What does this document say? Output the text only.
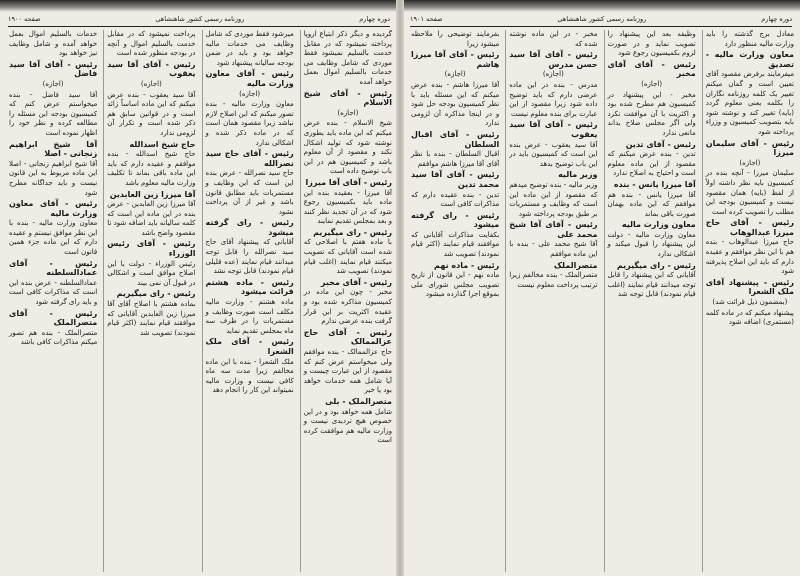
دوره چهارم
روزنامه رسمی کشور شاهنشاهی
صفحه ۱۹۰۰

گردیده و دیگر ذکر ابتیاع اروپا پرداخته نمیشود که در مقابل خدمت بالسلیم نمیشود فقط موردی که شامل وظایف می خدمات بالسلیم اموال بعمل خواهد آمده

رئیس - آقای شیخ الاسلام

(اجازه)

شیخ الاسلام - بنده عرض میکنم که این ماده باید بطوری نوشته شود که تولید اشکال نکند و مقصود از آن معلوم باشد و کمیسیون هم در این باب توضیح داده است

رئیس - آقای آقا میرزا

آقا میرزا - بعقیده بنده این ماده باید بکمیسیون رجوع شود که در آن تجدید نظر کنند و بعد بمجلس تقدیم نمایند

رئیس - رای میگیریم

با ماده هفتم با اصلاحی که شده است آقایانی که تصویب میکنند قیام نمایند (اغلب قیام نمودند) تصویب شد

رئیس - آقای مخبر

مخبر - چون این ماده در کمیسیون مذاکره شده بود و عقیده اکثریت بر این قرار گرفت بنده عرضی ندارم

رئیس - آقای حاج عزالممالک

حاج عزالممالک - بنده موافقم ولی میخواستم عرض کنم که مقصود از این عبارت چیست و آیا شامل همه خدمات خواهد بود یا خیر

متصرالملک - بلی

شامل همه خواهد بود و در این خصوص هیچ تردیدی نیست و وزارت مالیه هم موافقت کرده است

میرشود فقط موردی که شامل وظایف می خدمات مالیه خواهد بود و باید در ضمن بودجه سالیانه پیشنهاد شود

رئیس - آقای معاون وزارت مالیه

(اجازه)

معاون وزارت مالیه - بنده تصور میکنم که این اصلاح لازم نباشد زیرا مقصود همان است که در ماده ذکر شده و اشکالی ندارد

رئیس - آقای حاج سید نصرالله

حاج سید نصرالله - عرض بنده این است که این وظایف و مستمریات باید مطابق قانون باشد و غیر از آن پرداخت نشود

رئیس - رای گرفته میشود

آقایانی که پیشنهاد آقای حاج سید نصرالله را قابل توجه میدانند قیام نمایند (عده قلیلی قیام نمودند) قابل توجه نشد

رئیس - ماده هشتم قرائت میشود

ماده هشتم - وزارت مالیه مکلف است صورت وظایف و مستمریات را در ظرف سه ماه بمجلس تقدیم نماید

رئیس - آقای ملک الشعرا

ملک الشعرا - بنده با این ماده مخالفم زیرا مدت سه ماه کافی نیست و وزارت مالیه نمیتواند این کار را انجام دهد

پرداخت نمیشود که در مقابل خدمت بالسلیم اموال و آنچه در بودجه منظور شده است

رئیس - آقای آقا سید یعقوب

(اجازه)

آقا سید یعقوب - بنده عرض میکنم که این ماده اساساً زائد است و در قوانین سابق هم ذکر شده است و تکرار آن لزومی ندارد

حاج شیخ اسدالله

حاج شیخ اسدالله - بنده موافقم و عقیده دارم که باید این ماده باقی بماند تا تکلیف وزارت مالیه معلوم باشد

آقا میرزا زین العابدین

آقا میرزا زین العابدین - عرض بنده در این ماده این است که کلمه سالیانه باید اضافه شود تا مقصود واضح باشد

رئیس - آقای رئیس الوزراء

رئیس الوزراء - دولت با این اصلاح موافق است و اشکالی در قبول آن نمی بیند

رئیس - رای میگیریم

بماده هشتم با اصلاح آقای آقا میرزا زین العابدین آقایانی که موافقند قیام نمایند (اکثر قیام نمودند) تصویب شد

خدمات بالسلیم اموال بعمل خواهد آمده و شامل وظایف نیز خواهد بود

رئیس - آقای آقا سید فاضل

(اجازه)

آقا سید فاضل - بنده میخواستم عرض کنم که کمیسیون بودجه این مسئله را مطالعه کرده و نظر خود را اظهار نموده است

آقا شیخ ابراهیم زنجانی - اصلا

آقا شیخ ابراهیم زنجانی - اصلا این ماده مربوط به این قانون نیست و باید جداگانه مطرح شود

رئیس - آقای معاون وزارت مالیه

معاون وزارت مالیه - بنده با این نظر موافق نیستم و عقیده دارم که این ماده جزء همین قانون است

رئیس - آقای عمادالسلطنه

عمادالسلطنه - عرض بنده این است که مذاکرات کافی است و باید رای گرفته شود

رئیس - آقای متصرالملک

متصرالملک - بنده هم تصور میکنم مذاکرات کافی باشد

دوره چهارم
روزنامه رسمی کشور شاهنشاهی
صفحه ۱۹۰۱

معادل برج گذشته را باید وزارت مالیه منظور دارد

معاون وزارت مالیه - تصدیق

میفرمایند برفرض مقصود آقای تعیین است و گمان میکنم تغییر یک کلمه روزنامه نگاران را بکلمه یعنی معلوم گردد (بایه) تغییر کند و نوشته شود بایه بتصویب کمیسیون و وزراء پرداخته شود

رئیس - آقای سلیمان میرزا

(اجازه)

سلیمان میرزا - آنچه بنده در کمیسیون بایه نظر داشته اولاً از لفظ (بایه) همان مقصود نیست و کمیسیون بودجه این مطلب را تصویب کرده است

رئیس - آقای حاج میرزا عبدالوهاب

حاج میرزا عبدالوهاب - بنده هم با این نظر موافقم و عقیده دارم که باید این اصلاح پذیرفته شود

رئیس - پیشنهاد آقای ملک الشعرا

(بمضمون ذیل قرائت شد)

پیشنهاد میکنم که در ماده کلمه (مستمری) اضافه شود

وظیفه بعد این پیشنهاد را تصویب نماید و در صورت لزوم بکمیسیون رجوع شود

رئیس - آقای آقای مخبر

(اجازه)

مخبر - این پیشنهاد در کمیسیون هم مطرح شده بود و اکثریت با آن موافقت نکرد ولی اگر مجلس صلاح بداند مانعی ندارد

رئیس - آقای تدین

تدین - بنده عرض میکنم که مقصود از این ماده معلوم است و احتیاج به اصلاح ندارد

آقا میرزا یانس - بنده

آقا میرزا یانس - بنده هم موافقم که این ماده بهمان صورت باقی بماند

معاون وزارت مالیه

معاون وزارت مالیه - دولت این پیشنهاد را قبول میکند و اشکالی ندارد

رئیس - رای میگیریم

آقایانی که این پیشنهاد را قابل توجه میدانند قیام نمایند (اغلب قیام نمودند) قابل توجه شد

مخبر - در این ماده نوشته شده که

رئیس - آقای آقا سید حسن مدرس

(اجازه)

مدرس - بنده در این ماده عرضی دارم که باید توضیح داده شود زیرا مقصود از این عبارت برای بنده معلوم نیست

رئیس - آقای آقا سید یعقوب

آقا سید یعقوب - عرض بنده این است که کمیسیون باید در این باب توضیح بدهد

وزیر مالیه

وزیر مالیه - بنده توضیح میدهم که مقصود از این ماده این است که وظایف و مستمریات بر طبق بودجه پرداخته شود

رئیس - آقای آقا شیخ محمد علی

آقا شیخ محمد علی - بنده با این ماده موافقم

متصرالملک

متصرالملک - بنده مخالفم زیرا ترتیب پرداخت معلوم نیست

بفرمایند توضیحی را ملاحظه میشود زیرا

رئیس - آقای آقا میرزا هاشم

(اجازه)

آقا میرزا هاشم - بنده عرض میکنم که این مسئله باید با نظر کمیسیون بودجه حل شود و در اینجا مذاکره آن لزومی ندارد

رئیس - آقای اقبال السلطان

اقبال السلطان - بنده با نظر آقای آقا میرزا هاشم موافقم

رئیس - آقای آقا سید محمد تدین

تدین - بنده عقیده دارم که مذاکرات کافی است

رئیس - رای گرفته میشود

بکفایت مذاکرات آقایانی که موافقند قیام نمایند (اکثر قیام نمودند) تصویب شد

رئیس - ماده نهم

ماده نهم - این قانون از تاریخ تصویب مجلس شورای ملی بموقع اجرا گذارده میشود
